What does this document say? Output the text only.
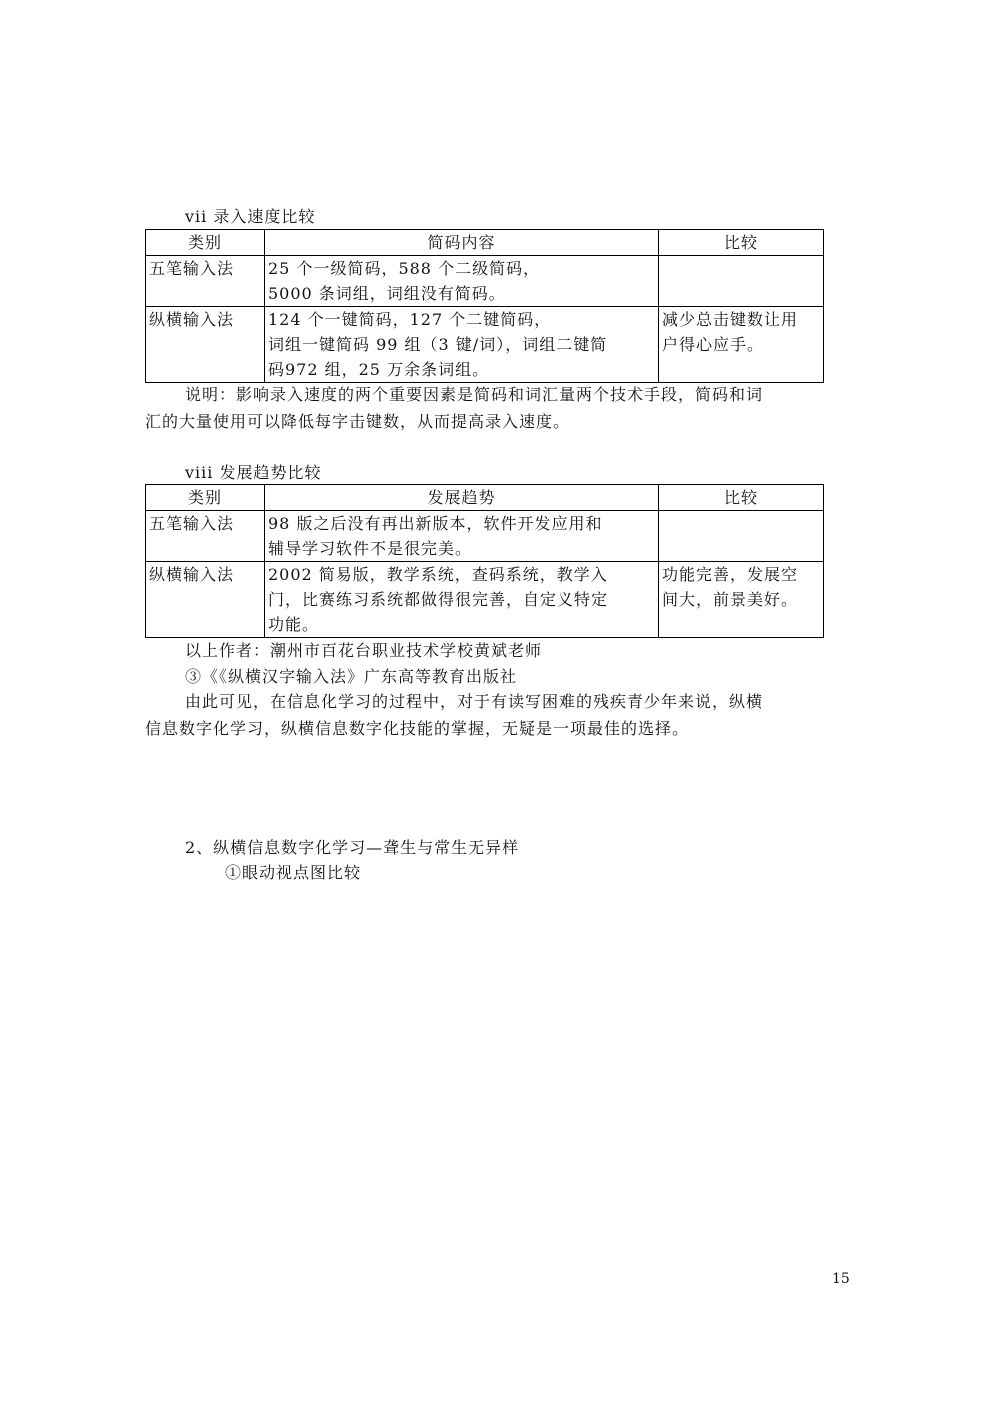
vii 录入速度比较
类别	简码内容	比较
五笔输入法	25 个一级简码，588 个二级简码，
5000 条词组，词组没有简码。	

纵横输入法	124 个一键简码，127 个二键简码，
词组一键简码 99 组（3 键/词），词组二键简
码972 组，25 万余条词组。	减少总击键数让用
户得心应手。
说明：影响录入速度的两个重要因素是简码和词汇量两个技术手段，简码和词
汇的大量使用可以降低每字击键数，从而提高录入速度。
viii 发展趋势比较
类别	发展趋势	比较
五笔输入法	98 版之后没有再出新版本，软件开发应用和
辅导学习软件不是很完美。	

纵横输入法	2002 简易版，教学系统，查码系统，教学入
门，比赛练习系统都做得很完善，自定义特定
功能。	功能完善，发展空
间大，前景美好。
以上作者：潮州市百花台职业技术学校黄斌老师
③《《纵横汉字输入法》广东高等教育出版社
由此可见，在信息化学习的过程中，对于有读写困难的残疾青少年来说，纵横
信息数字化学习，纵横信息数字化技能的掌握，无疑是一项最佳的选择。
2、纵横信息数字化学习—聋生与常生无异样
①眼动视点图比较
15
